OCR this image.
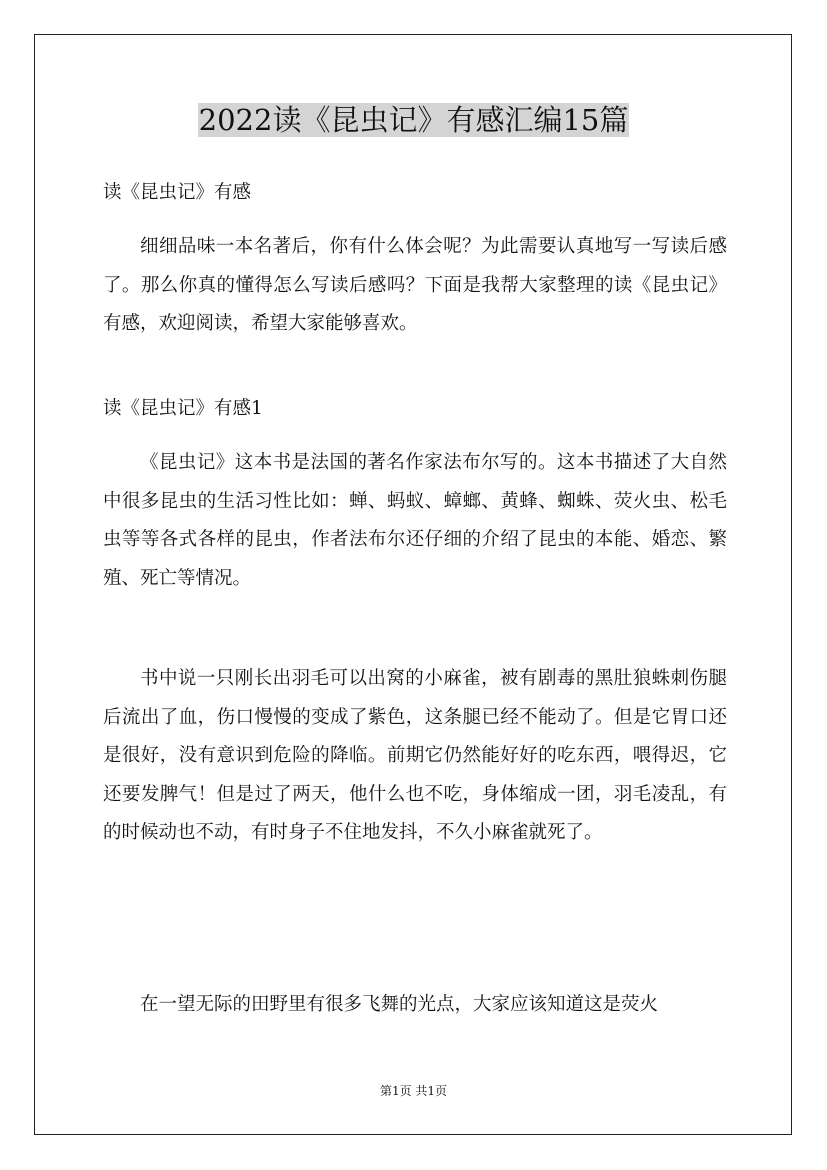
2022读《昆虫记》有感汇编15篇

读《昆虫记》有感

细细品味一本名著后，你有什么体会呢？为此需要认真地写一写读后感了。那么你真的懂得怎么写读后感吗？下面是我帮大家整理的读《昆虫记》有感，欢迎阅读，希望大家能够喜欢。

读《昆虫记》有感1

《昆虫记》这本书是法国的著名作家法布尔写的。这本书描述了大自然中很多昆虫的生活习性比如：蝉、蚂蚁、蟑螂、黄蜂、蜘蛛、荧火虫、松毛虫等等各式各样的昆虫，作者法布尔还仔细的介绍了昆虫的本能、婚恋、繁殖、死亡等情况。

书中说一只刚长出羽毛可以出窝的小麻雀，被有剧毒的黑肚狼蛛刺伤腿后流出了血，伤口慢慢的变成了紫色，这条腿已经不能动了。但是它胃口还是很好，没有意识到危险的降临。前期它仍然能好好的吃东西，喂得迟，它还要发脾气！但是过了两天，他什么也不吃，身体缩成一团，羽毛凌乱，有的时候动也不动，有时身子不住地发抖，不久小麻雀就死了。

在一望无际的田野里有很多飞舞的光点，大家应该知道这是荧火

第1页 共1页
